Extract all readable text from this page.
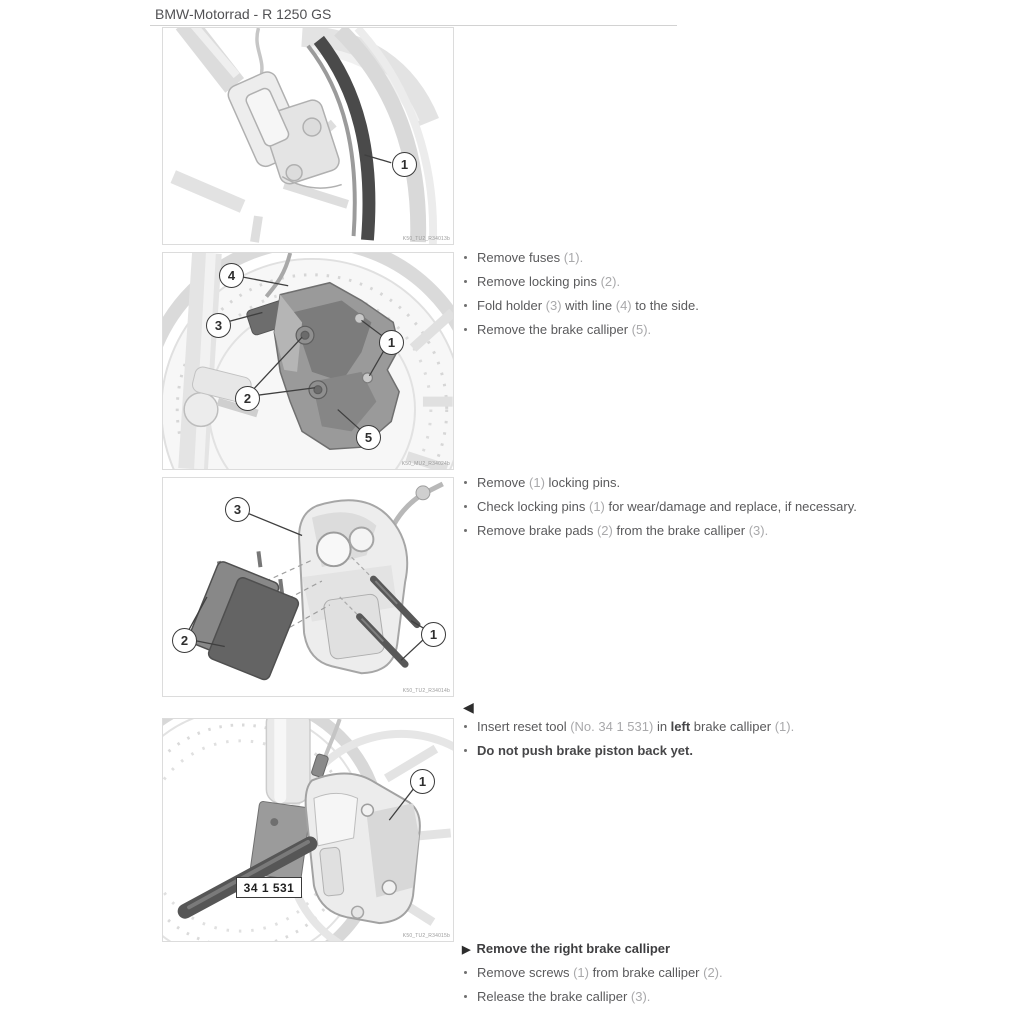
BMW-Motorrad - R 1250 GS
1
K50_TU2_R34013b
4
3
1
2
5
K50_MU2_R34024b
3
2	1
K50_TU2_R34014b
1
34 1 531
K50_TU2_R34015b
Remove fuses (1).
Remove locking pins (2).
Fold holder (3) with line (4) to the side.
Remove the brake calliper (5).
Remove (1) locking pins.
Check locking pins (1) for wear/damage and replace, if necessary.
Remove brake pads (2) from the brake calliper (3).
◀
Insert reset tool (No. 34 1 531) in left brake calliper (1).
Do not push brake piston back yet.
▶ Remove the right brake calliper
Remove screws (1) from brake calliper (2).
Release the brake calliper (3).
